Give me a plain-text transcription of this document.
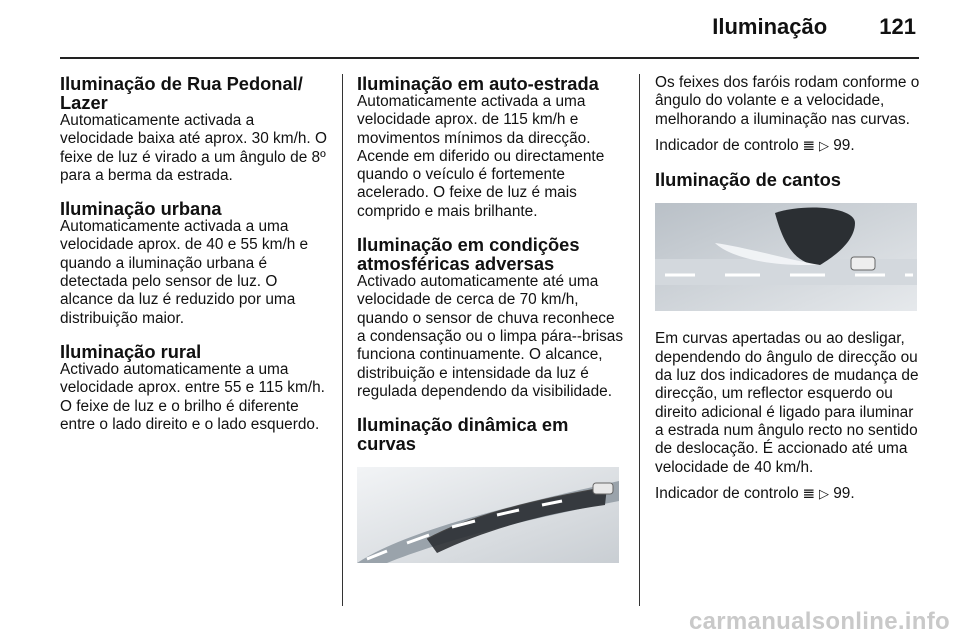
Iluminação 121
Iluminação de Rua Pedonal/ Lazer

Automaticamente activada a velocidade baixa até aprox. 30 km/h. O feixe de luz é virado a um ângulo de 8º para a berma da estrada.

Iluminação urbana

Automaticamente activada a uma velocidade aprox. de 40 e 55 km/h e quando a iluminação urbana é detectada pelo sensor de luz. O alcance da luz é reduzido por uma distribuição maior.

Iluminação rural

Activado automaticamente a uma velocidade aprox. entre 55 e 115 km/h. O feixe de luz e o brilho é diferente entre o lado direito e o lado esquerdo.

Iluminação em auto-estrada

Automaticamente activada a uma velocidade aprox. de 115 km/h e movimentos mínimos da direcção. Acende em diferido ou directamente quando o veículo é fortemente acelerado. O feixe de luz é mais comprido e mais brilhante.

Iluminação em condições atmosféricas adversas

Activado automaticamente até uma velocidade de cerca de 70 km/h, quando o sensor de chuva reconhece a condensação ou o limpa pára--brisas funciona continuamente. O alcance, distribuição e intensidade da luz é regulada dependendo da visibilidade.

Iluminação dinâmica em curvas

Os feixes dos faróis rodam conforme o ângulo do volante e a velocidade, melhorando a iluminação nas curvas.

Indicador de controlo 𝌆 ▷ 99.

Iluminação de cantos

Em curvas apertadas ou ao desligar, dependendo do ângulo de direcção ou da luz dos indicadores de mudança de direcção, um reflector esquerdo ou direito adicional é ligado para iluminar a estrada num ângulo recto no sentido de deslocação. É accionado até uma velocidade de 40 km/h.

Indicador de controlo 𝌆 ▷ 99.

carmanualsonline.info
